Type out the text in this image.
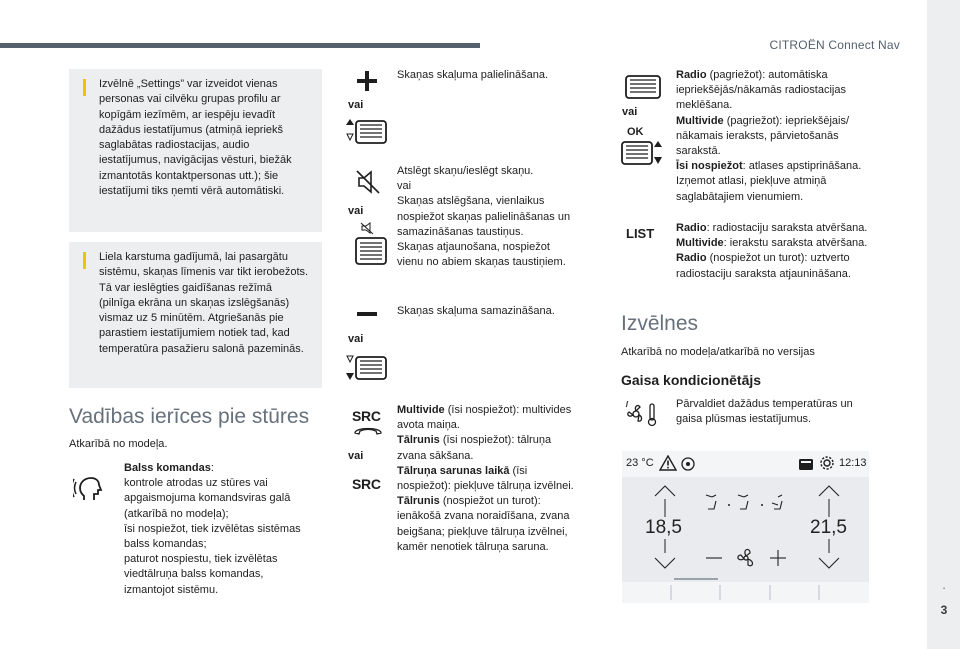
CITROËN Connect Nav
.
3
Izvēlnē „Settings” var izveidot vienas personas vai cilvēku grupas profilu ar kopīgām iezīmēm, ar iespēju ievadīt dažādus iestatījumus (atmiņā iepriekš saglabātas radiostacijas, audio iestatījumus, navigācijas vēsturi, biežāk izmantotās kontaktpersonas utt.); šie iestatījumi tiks ņemti vērā automātiski.
Liela karstuma gadījumā, lai pasargātu sistēmu, skaņas līmenis var tikt ierobežots. Tā var ieslēgties gaidīšanas režīmā (pilnīga ekrāna un skaņas izslēgšanās) vismaz uz 5 minūtēm. Atgriešanās pie parastiem iestatījumiem notiek tad, kad temperatūra pasažieru salonā pazeminās.
Vadības ierīces pie stūres
Atkarībā no modeļa.
Balss komandas:
kontrole atrodas uz stūres vai
apgaismojuma komandsviras galā
(atkarībā no modeļa);
īsi nospiežot, tiek izvēlētas sistēmas
balss komandas;
paturot nospiestu, tiek izvēlētas
viedtālruņa balss komandas,
izmantojot sistēmu.
vai
Skaņas skaļuma palielināšana.
vai
Atslēgt skaņu/ieslēgt skaņu.
vai
Skaņas atslēgšana, vienlaikus
nospiežot skaņas palielināšanas un
samazināšanas taustiņus.
Skaņas atjaunošana, nospiežot
vienu no abiem skaņas taustiņiem.
vai
Skaņas skaļuma samazināšana.
SRC
vai
SRC
Multivide (īsi nospiežot): multivides
avota maiņa.
Tālrunis (īsi nospiežot): tālruņa
zvana sākšana.
Tālruņa sarunas laikā (īsi
nospiežot): piekļuve tālruņa izvēlnei.
Tālrunis (nospiežot un turot):
ienākošā zvana noraidīšana, zvana
beigšana; piekļuve tālruņa izvēlnei,
kamēr nenotiek tālruņa saruna.
vai
OK
Radio (pagriežot): automātiska
iepriekšējās/nākamās radiostacijas
meklēšana.
Multivide (pagriežot): iepriekšējais/
nākamais ieraksts, pārvietošanās
sarakstā.
Īsi nospiežot: atlases apstiprināšana.
Izņemot atlasi, piekļuve atmiņā
saglabātajiem vienumiem.
LIST Radio: radiostaciju saraksta atvēršana.
Multivide: ierakstu saraksta atvēršana.
Radio (nospiežot un turot): uztverto
radiostaciju saraksta atjaunināšana.
Izvēlnes
Atkarībā no modeļa/atkarībā no versijas
Gaisa kondicionētājs
Pārvaldiet dažādus temperatūras un
gaisa plūsmas iestatījumus.
23 °C	12:13
18,5	21,5
